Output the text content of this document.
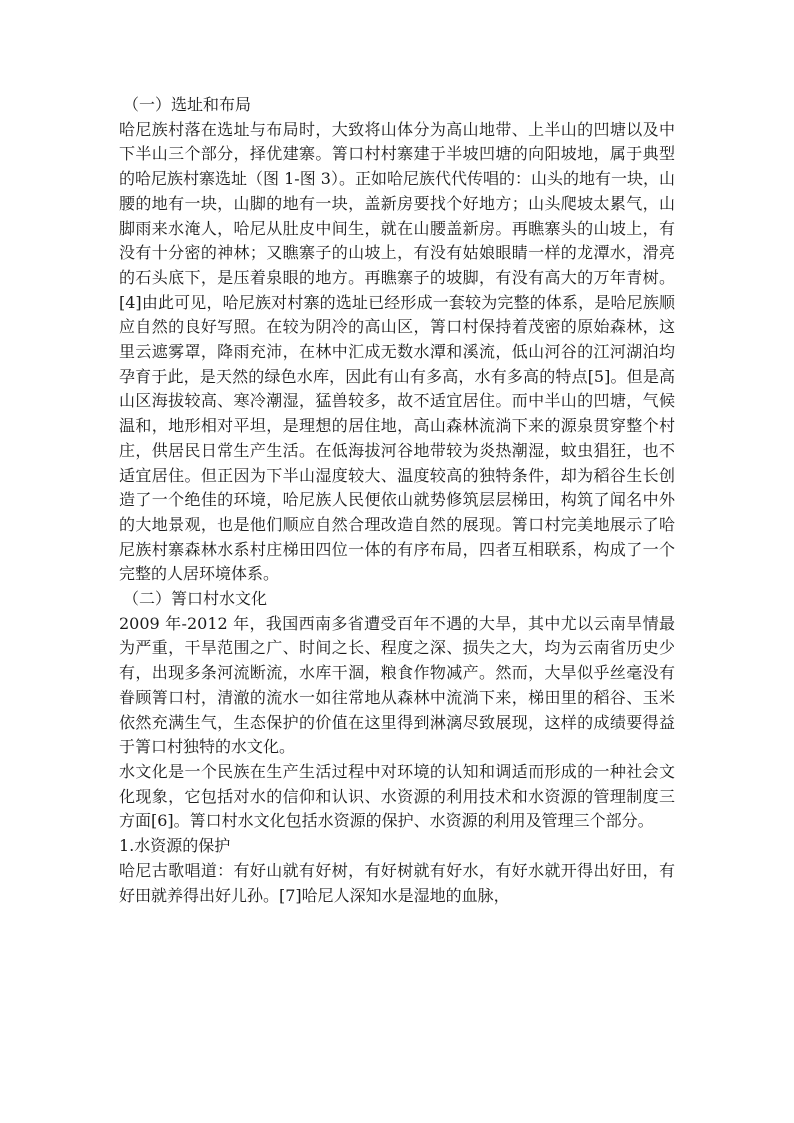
（一）选址和布局

哈尼族村落在选址与布局时，大致将山体分为高山地带、上半山的凹塘以及中下半山三个部分，择优建寨。箐口村村寨建于半坡凹塘的向阳坡地，属于典型的哈尼族村寨选址（图 1-图 3）。正如哈尼族代代传唱的：山头的地有一块，山腰的地有一块，山脚的地有一块，盖新房要找个好地方；山头爬坡太累气，山脚雨来水淹人，哈尼从肚皮中间生，就在山腰盖新房。再瞧寨头的山坡上，有没有十分密的神林；又瞧寨子的山坡上，有没有姑娘眼睛一样的龙潭水，滑亮的石头底下，是压着泉眼的地方。再瞧寨子的坡脚，有没有高大的万年青树。[4]由此可见，哈尼族对村寨的选址已经形成一套较为完整的体系，是哈尼族顺应自然的良好写照。在较为阴冷的高山区，箐口村保持着茂密的原始森林，这里云遮雾罩，降雨充沛，在林中汇成无数水潭和溪流，低山河谷的江河湖泊均孕育于此，是天然的绿色水库，因此有山有多高，水有多高的特点[5]。但是高山区海拔较高、寒冷潮湿，猛兽较多，故不适宜居住。而中半山的凹塘，气候温和，地形相对平坦，是理想的居住地，高山森林流淌下来的源泉贯穿整个村庄，供居民日常生产生活。在低海拔河谷地带较为炎热潮湿，蚊虫猖狂，也不适宜居住。但正因为下半山湿度较大、温度较高的独特条件，却为稻谷生长创造了一个绝佳的环境，哈尼族人民便依山就势修筑层层梯田，构筑了闻名中外的大地景观，也是他们顺应自然合理改造自然的展现。箐口村完美地展示了哈尼族村寨森林水系村庄梯田四位一体的有序布局，四者互相联系，构成了一个完整的人居环境体系。

（二）箐口村水文化

2009 年-2012 年，我国西南多省遭受百年不遇的大旱，其中尤以云南旱情最为严重，干旱范围之广、时间之长、程度之深、损失之大，均为云南省历史少有，出现多条河流断流，水库干涸，粮食作物减产。然而，大旱似乎丝毫没有眷顾箐口村，清澈的流水一如往常地从森林中流淌下来，梯田里的稻谷、玉米依然充满生气，生态保护的价值在这里得到淋漓尽致展现，这样的成绩要得益于箐口村独特的水文化。

水文化是一个民族在生产生活过程中对环境的认知和调适而形成的一种社会文化现象，它包括对水的信仰和认识、水资源的利用技术和水资源的管理制度三方面[6]。箐口村水文化包括水资源的保护、水资源的利用及管理三个部分。

1.水资源的保护

哈尼古歌唱道：有好山就有好树，有好树就有好水，有好水就开得出好田，有好田就养得出好儿孙。[7]哈尼人深知水是湿地的血脉，
